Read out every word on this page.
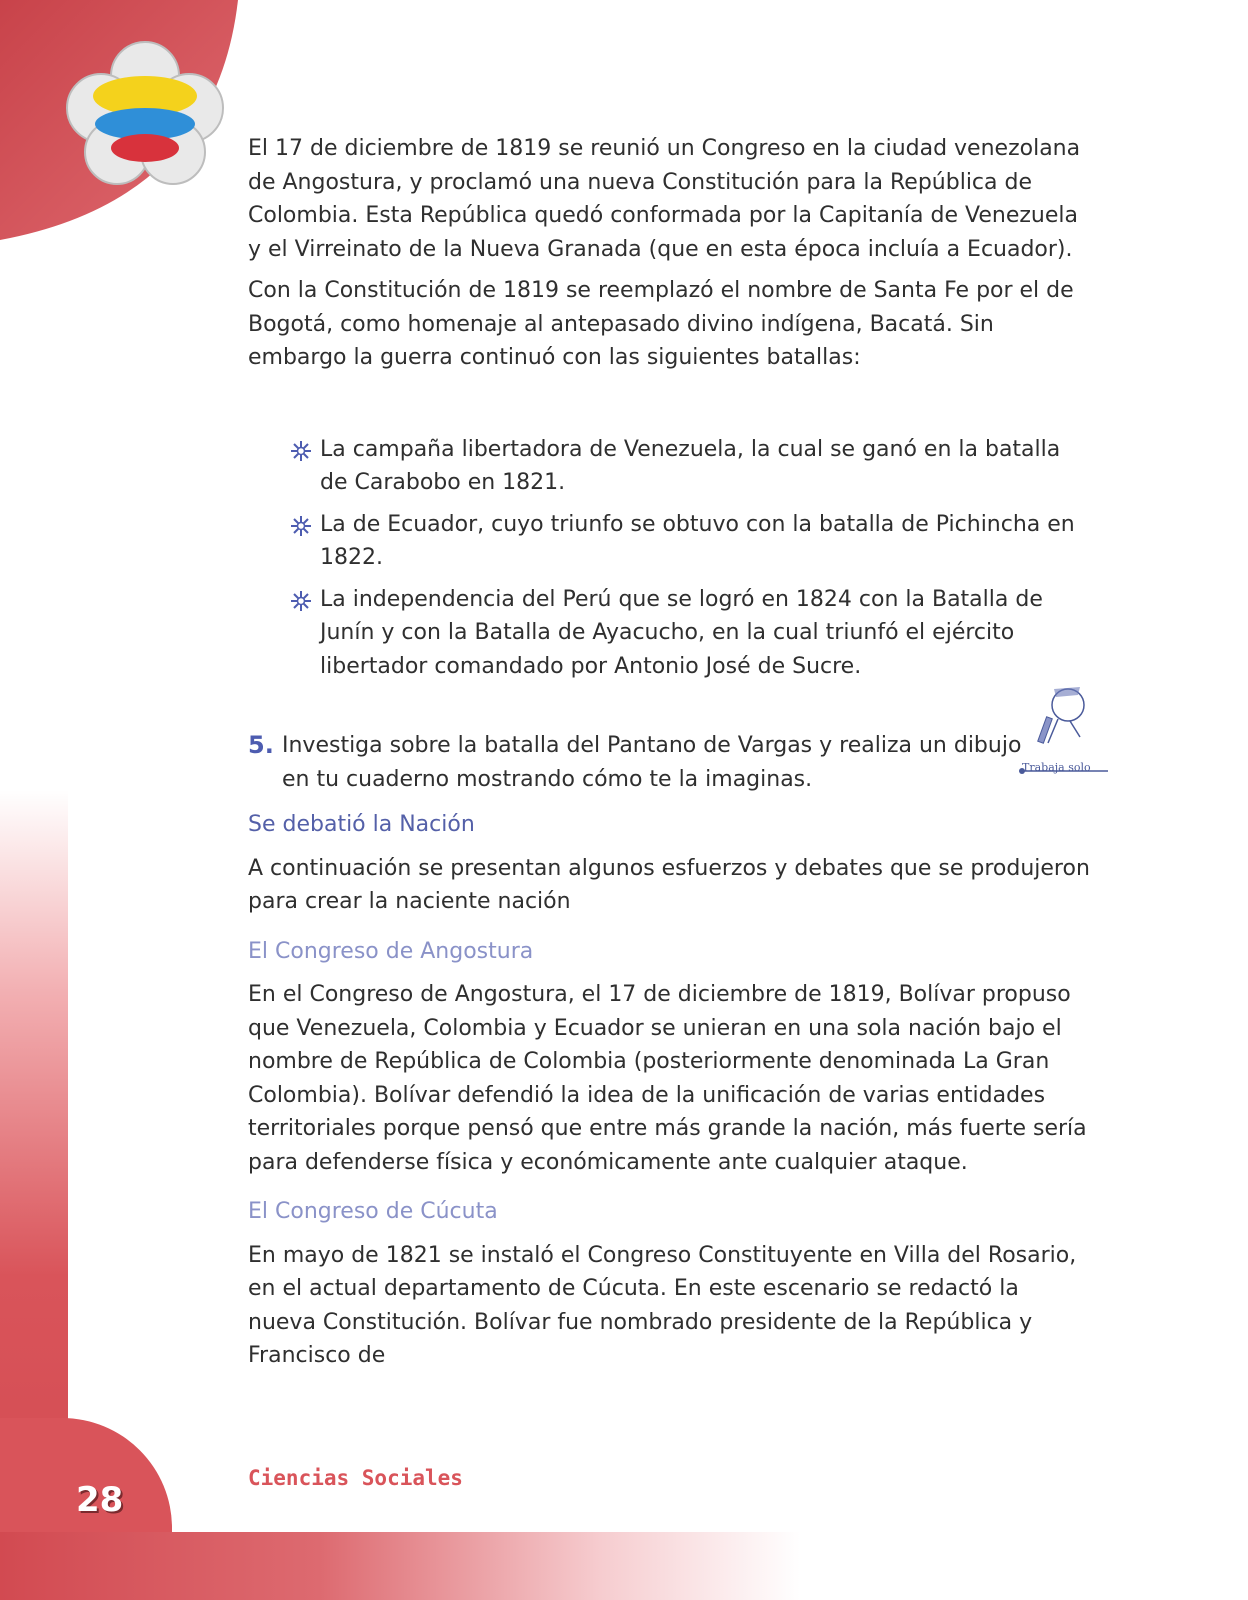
28
Ciencias Sociales

El 17 de diciembre de 1819 se reunió un Congreso en la ciudad venezolana de Angostura, y proclamó una nueva Constitución para la República de Colombia. Esta República quedó conformada por la Capitanía de Venezuela y el Virreinato de la Nueva Granada (que en esta época incluía a Ecuador).

Con la Constitución de 1819 se reemplazó el nombre de Santa Fe por el de Bogotá, como homenaje al antepasado divino indígena, Bacatá. Sin embargo la guerra continuó con las siguientes batallas:

La campaña libertadora de Venezuela, la cual se ganó en la batalla de Carabobo en 1821.
La de Ecuador, cuyo triunfo se obtuvo con la batalla de Pichincha en 1822.
La independencia del Perú que se logró en 1824 con la Batalla de Junín y con la Batalla de Ayacucho, en la cual triunfó el ejército libertador comandado por Antonio José de Sucre.
5. Investiga sobre la batalla del Pantano de Vargas y realiza un dibujo en tu cuaderno mostrando cómo te la imaginas.	Trabaja solo
Se debatió la Nación

A continuación se presentan algunos esfuerzos y debates que se produjeron para crear la naciente nación

El Congreso de Angostura

En el Congreso de Angostura, el 17 de diciembre de 1819, Bolívar propuso que Venezuela, Colombia y Ecuador se unieran en una sola nación bajo el nombre de República de Colombia (posteriormente denominada La Gran Colombia). Bolívar defendió la idea de la unificación de varias entidades territoriales porque pensó que entre más grande la nación, más fuerte sería para defenderse física y económicamente ante cualquier ataque.

El Congreso de Cúcuta

En mayo de 1821 se instaló el Congreso Constituyente en Villa del Rosario, en el actual departamento de Cúcuta. En este escenario se redactó la nueva Constitución. Bolívar fue nombrado presidente de la República y Francisco de
